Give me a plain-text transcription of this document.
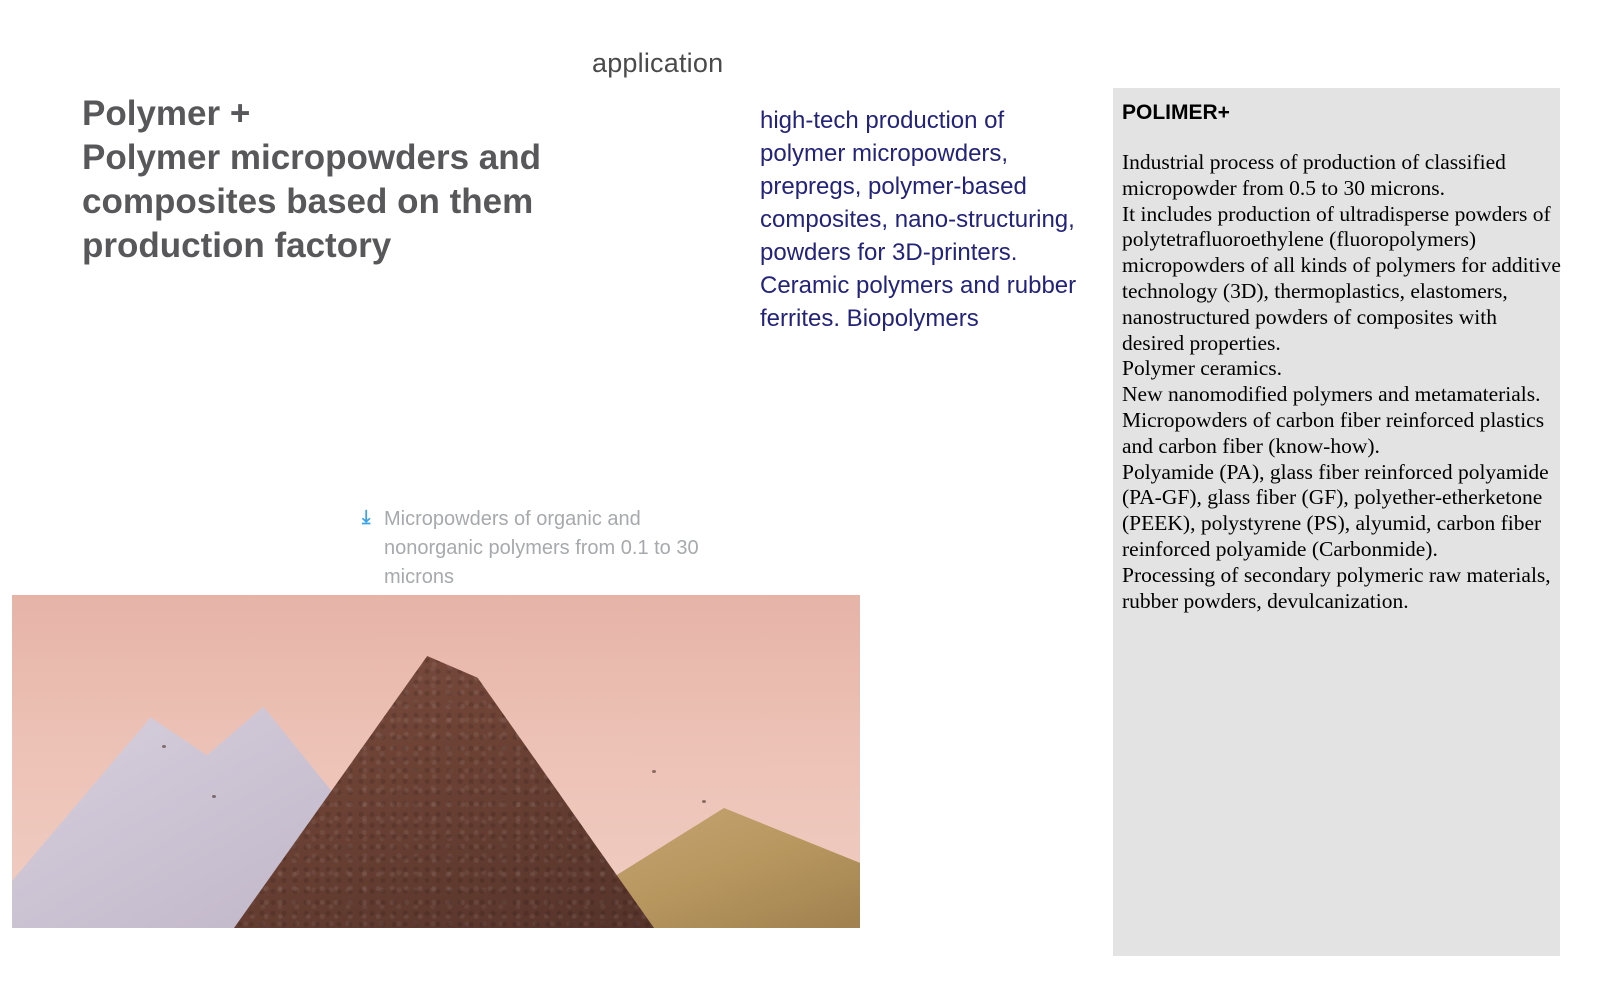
application
Polymer +
Polymer micropowders and
composites based on them
production factory
high-tech production of polymer micropowders, prepregs, polymer-based composites, nano-structuring, powders for 3D-printers. Ceramic polymers and rubber ferrites. Biopolymers
⤓ Micropowders of organic and
nonorganic polymers from 0.1 to 30
microns
POLIMER+

Industrial process of production of classified micropowder from 0.5 to 30 microns.

It includes production of ultradisperse powders of polytetrafluoroethylene (fluoropolymers) micropowders of all kinds of polymers for additive technology (3D), thermoplastics, elastomers, nanostructured powders of composites with desired properties.

Polymer ceramics.

New nanomodified polymers and metamaterials.

Micropowders of carbon fiber reinforced plastics and carbon fiber (know-how).

Polyamide (PA), glass fiber reinforced polyamide (PA-GF), glass fiber (GF), polyether-etherketone (PEEK), polystyrene (PS), alyumid, carbon fiber reinforced polyamide (Carbonmide).

Processing of secondary polymeric raw materials, rubber powders, devulcanization.
